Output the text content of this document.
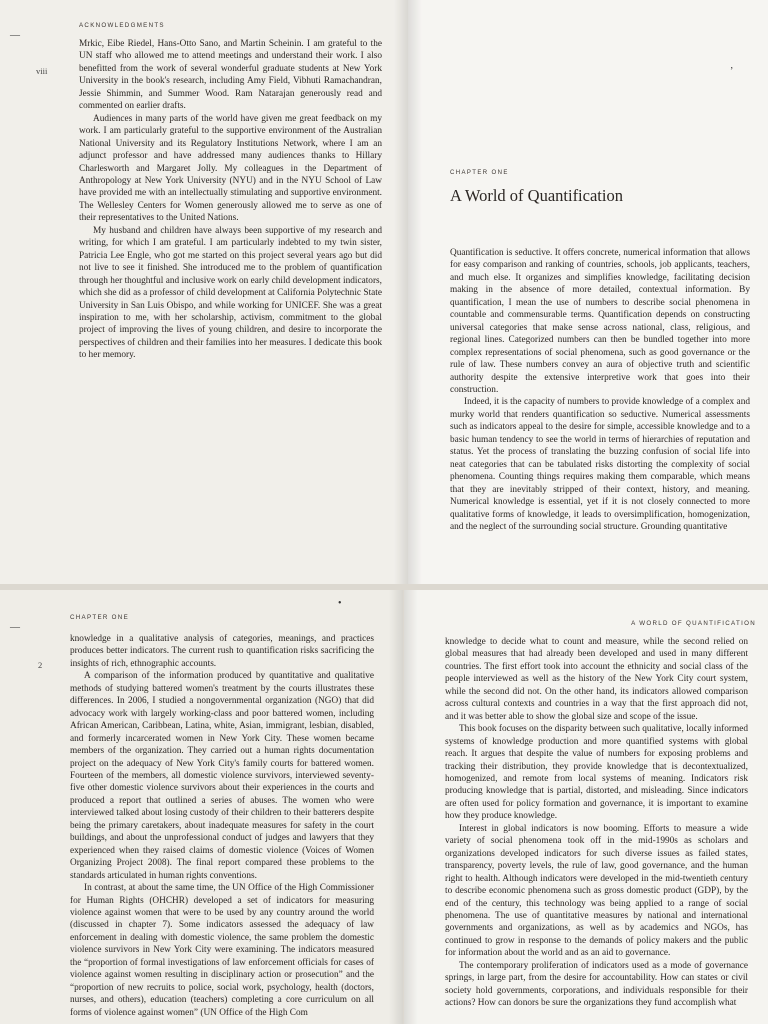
ACKNOWLEDGMENTS
—
viii

Mrkic, Eibe Riedel, Hans-Otto Sano, and Martin Scheinin. I am grateful to the UN staff who allowed me to attend meetings and understand their work. I also benefitted from the work of several wonderful graduate students at New York University in the book's research, including Amy Field, Vibhuti Ramachandran, Jessie Shimmin, and Summer Wood. Ram Natarajan generously read and commented on earlier drafts.

Audiences in many parts of the world have given me great feedback on my work. I am particularly grateful to the supportive environment of the Australian National University and its Regulatory Institutions Network, where I am an adjunct professor and have addressed many audiences thanks to Hillary Charlesworth and Margaret Jolly. My colleagues in the Department of Anthropology at New York University (NYU) and in the NYU School of Law have provided me with an intellectually stimulating and supportive environment. The Wellesley Centers for Women generously allowed me to serve as one of their representatives to the United Nations.

My husband and children have always been supportive of my research and writing, for which I am grateful. I am particularly indebted to my twin sister, Patricia Lee Engle, who got me started on this project several years ago but did not live to see it finished. She introduced me to the problem of quantification through her thoughtful and inclusive work on early child development indicators, which she did as a professor of child development at California Polytechnic State University in San Luis Obispo, and while working for UNICEF. She was a great inspiration to me, with her scholarship, activism, commitment to the global project of improving the lives of young children, and desire to incorporate the perspectives of children and their families into her measures. I dedicate this book to her memory.

’
CHAPTER ONE
A World of Quantification

Quantification is seductive. It offers concrete, numerical information that allows for easy comparison and ranking of countries, schools, job applicants, teachers, and much else. It organizes and simplifies knowledge, facilitating decision making in the absence of more detailed, contextual information. By quantification, I mean the use of numbers to describe social phenomena in countable and commensurable terms. Quantification depends on constructing universal categories that make sense across national, class, religious, and regional lines. Categorized numbers can then be bundled together into more complex representations of social phenomena, such as good governance or the rule of law. These numbers convey an aura of objective truth and scientific authority despite the extensive interpretive work that goes into their construction.

Indeed, it is the capacity of numbers to provide knowledge of a complex and murky world that renders quantification so seductive. Numerical assessments such as indicators appeal to the desire for simple, accessible knowledge and to a basic human tendency to see the world in terms of hierarchies of reputation and status. Yet the process of translating the buzzing confusion of social life into neat categories that can be tabulated risks distorting the complexity of social phenomena. Counting things requires making them comparable, which means that they are inevitably stripped of their context, history, and meaning. Numerical knowledge is essential, yet if it is not closely connected to more qualitative forms of knowledge, it leads to oversimplification, homogenization, and the neglect of the surrounding social structure. Grounding quantitative

CHAPTER ONE
•
—
2

knowledge in a qualitative analysis of categories, meanings, and practices produces better indicators. The current rush to quantification risks sacrificing the insights of rich, ethnographic accounts.

A comparison of the information produced by quantitative and qualitative methods of studying battered women's treatment by the courts illustrates these differences. In 2006, I studied a nongovernmental organization (NGO) that did advocacy work with largely working-class and poor battered women, including African American, Caribbean, Latina, white, Asian, immigrant, lesbian, disabled, and formerly incarcerated women in New York City. These women became members of the organization. They carried out a human rights documentation project on the adequacy of New York City's family courts for battered women. Fourteen of the members, all domestic violence survivors, interviewed seventy-five other domestic violence survivors about their experiences in the courts and produced a report that outlined a series of abuses. The women who were interviewed talked about losing custody of their children to their batterers despite being the primary caretakers, about inadequate measures for safety in the court buildings, and about the unprofessional conduct of judges and lawyers that they experienced when they raised claims of domestic violence (Voices of Women Organizing Project 2008). The final report compared these problems to the standards articulated in human rights conventions.

In contrast, at about the same time, the UN Office of the High Commissioner for Human Rights (OHCHR) developed a set of indicators for measuring violence against women that were to be used by any country around the world (discussed in chapter 7). Some indicators assessed the adequacy of law enforcement in dealing with domestic violence, the same problem the domestic violence survivors in New York City were examining. The indicators measured the “proportion of formal investigations of law enforcement officials for cases of violence against women resulting in disciplinary action or prosecution” and the “proportion of new recruits to police, social work, psychology, health (doctors, nurses, and others), education (teachers) completing a core curriculum on all forms of violence against women” (UN Office of the High Com

A WORLD OF QUANTIFICATION

knowledge to decide what to count and measure, while the second relied on global measures that had already been developed and used in many different countries. The first effort took into account the ethnicity and social class of the people interviewed as well as the history of the New York City court system, while the second did not. On the other hand, its indicators allowed comparison across cultural contexts and countries in a way that the first approach did not, and it was better able to show the global size and scope of the issue.

This book focuses on the disparity between such qualitative, locally informed systems of knowledge production and more quantified systems with global reach. It argues that despite the value of numbers for exposing problems and tracking their distribution, they provide knowledge that is decontextualized, homogenized, and remote from local systems of meaning. Indicators risk producing knowledge that is partial, distorted, and misleading. Since indicators are often used for policy formation and governance, it is important to examine how they produce knowledge.

Interest in global indicators is now booming. Efforts to measure a wide variety of social phenomena took off in the mid-1990s as scholars and organizations developed indicators for such diverse issues as failed states, transparency, poverty levels, the rule of law, good governance, and the human right to health. Although indicators were developed in the mid-twentieth century to describe economic phenomena such as gross domestic product (GDP), by the end of the century, this technology was being applied to a range of social phenomena. The use of quantitative measures by national and international governments and organizations, as well as by academics and NGOs, has continued to grow in response to the demands of policy makers and the public for information about the world and as an aid to governance.

The contemporary proliferation of indicators used as a mode of governance springs, in large part, from the desire for accountability. How can states or civil society hold governments, corporations, and individuals responsible for their actions? How can donors be sure the organizations they fund accomplish what
